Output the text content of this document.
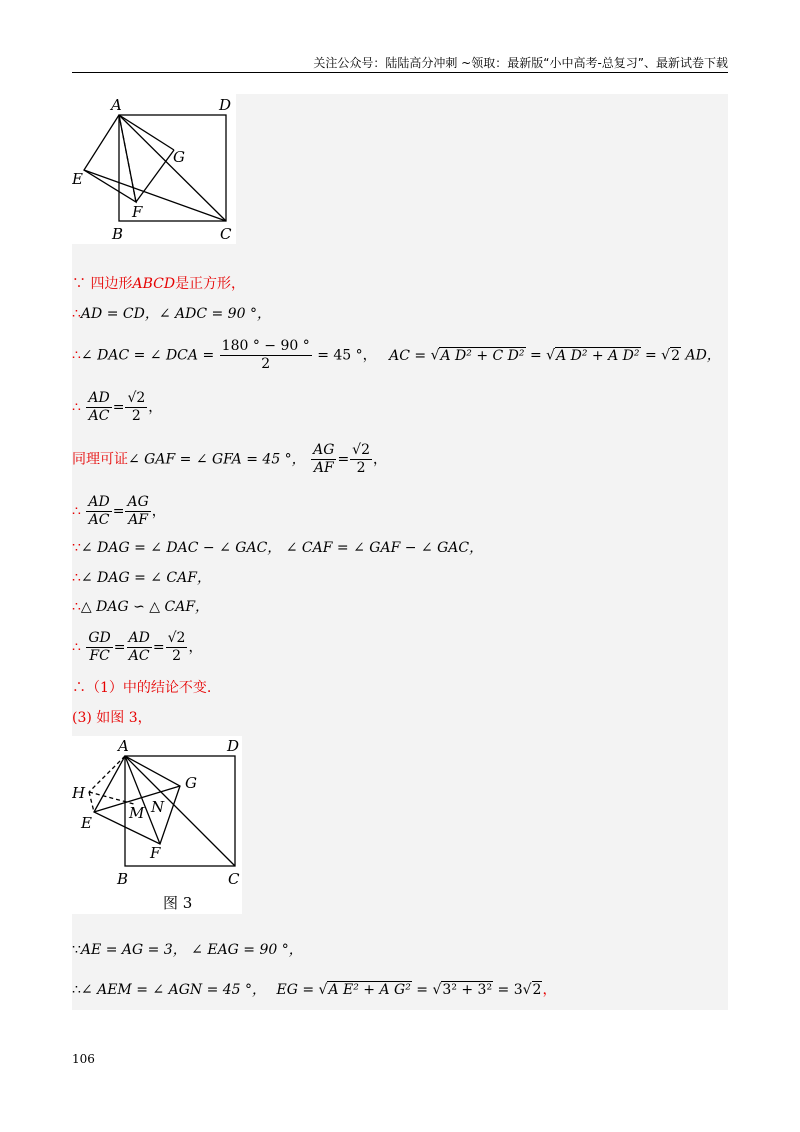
关注公众号：陆陆高分冲刺 ~领取：最新版“小中高考-总复习”、最新试卷下载
A	D
G
E
F
B	C
∵ 四边形ABCD是正方形，
∴AD = CD，∠ ADC = 90 °，
∴∠ DAC = ∠ DCA = $\frac{180 ^\circ - 90 ^\circ}{2} = 45$ °， AC = √A D² + C D² = √A D² + A D² = √2 AD，
∴ $\frac{AD}{AC} = \frac{√2}{2}$ ，
同理可证∠ GAF = ∠ GFA = 45 °， $\frac{AG}{AF} = \frac{√2}{2}$ ，
∴ $\frac{AD}{AC} = \frac{AG}{AF}$ ，
∵∠ DAG = ∠ DAC − ∠ GAC， ∠ CAF = ∠ GAF − ∠ GAC，
∴∠ DAG = ∠ CAF，
∴△ DAG ∽ △ CAF，
∴ $\frac{GD}{FC} = \frac{AD}{AC} = \frac{√2}{2}$ ，
∴（1）中的结论不变.
(3) 如图 3，
A	D
H
G
M N
E
F
B	C
图 3
∵AE = AG = 3， ∠ EAG = 90 °，
∴∠ AEM = ∠ AGN = 45 °， EG = √A E² + A G² = √3² + 3² = 3√2，
106
